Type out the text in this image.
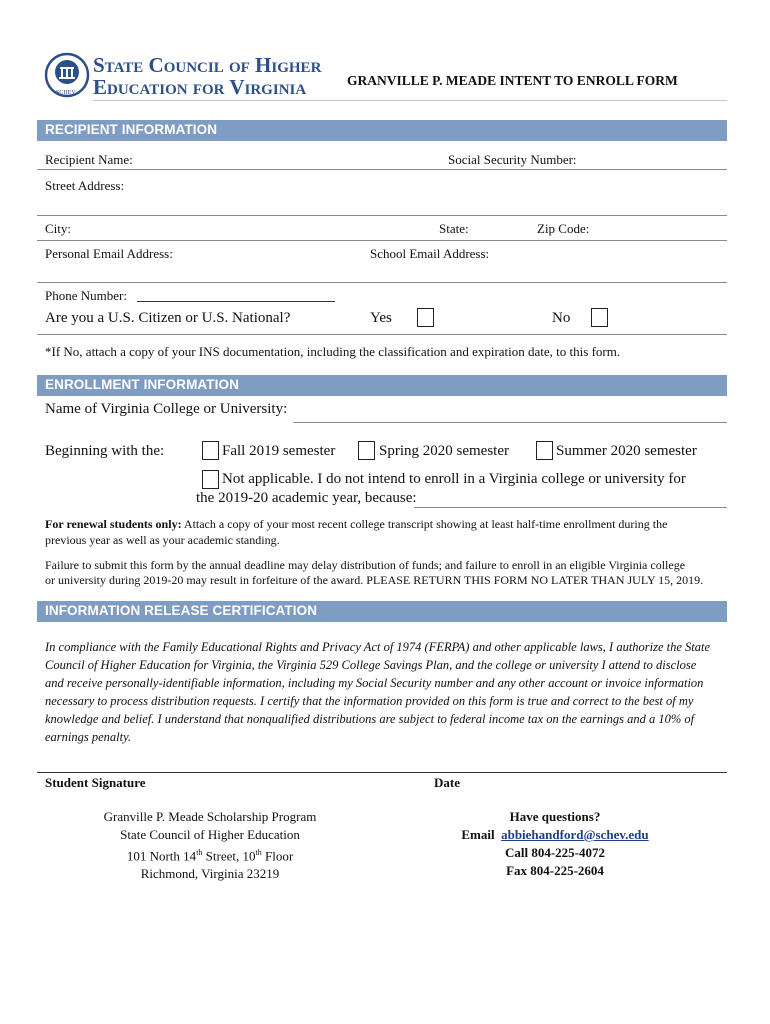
SCHEV
State Council of Higher
Education for Virginia	GRANVILLE P. MEADE INTENT TO ENROLL FORM
RECIPIENT INFORMATION
Recipient Name:	Social Security Number:
Street Address:
City:	State:	Zip Code:
Personal Email Address:	School Email Address:
Phone Number:
Are you a U.S. Citizen or U.S. National?	Yes	No
*If No, attach a copy of your INS documentation, including the classification and expiration date, to this form.
ENROLLMENT INFORMATION
Name of Virginia College or University:
Beginning with the:	Fall 2019 semester	Spring 2020 semester	Summer 2020 semester
Not applicable. I do not intend to enroll in a Virginia college or university for
the 2019-20 academic year, because:
For renewal students only: Attach a copy of your most recent college transcript showing at least half-time enrollment during the
previous year as well as your academic standing.
Failure to submit this form by the annual deadline may delay distribution of funds; and failure to enroll in an eligible Virginia college
or university during 2019-20 may result in forfeiture of the award. PLEASE RETURN THIS FORM NO LATER THAN JULY 15, 2019.
INFORMATION RELEASE CERTIFICATION
In compliance with the Family Educational Rights and Privacy Act of 1974 (FERPA) and other applicable laws, I authorize the State
Council of Higher Education for Virginia, the Virginia 529 College Savings Plan, and the college or university I attend to disclose
and receive personally-identifiable information, including my Social Security number and any other account or invoice information
necessary to process distribution requests. I certify that the information provided on this form is true and correct to the best of my
knowledge and belief. I understand that nonqualified distributions are subject to federal income tax on the earnings and a 10% of
earnings penalty.
Student Signature	Date
Granville P. Meade Scholarship Program
State Council of Higher Education
101 North 14th Street, 10th Floor
Richmond, Virginia 23219
Have questions?
Email abbiehandford@schev.edu
Call 804-225-4072
Fax 804-225-2604
